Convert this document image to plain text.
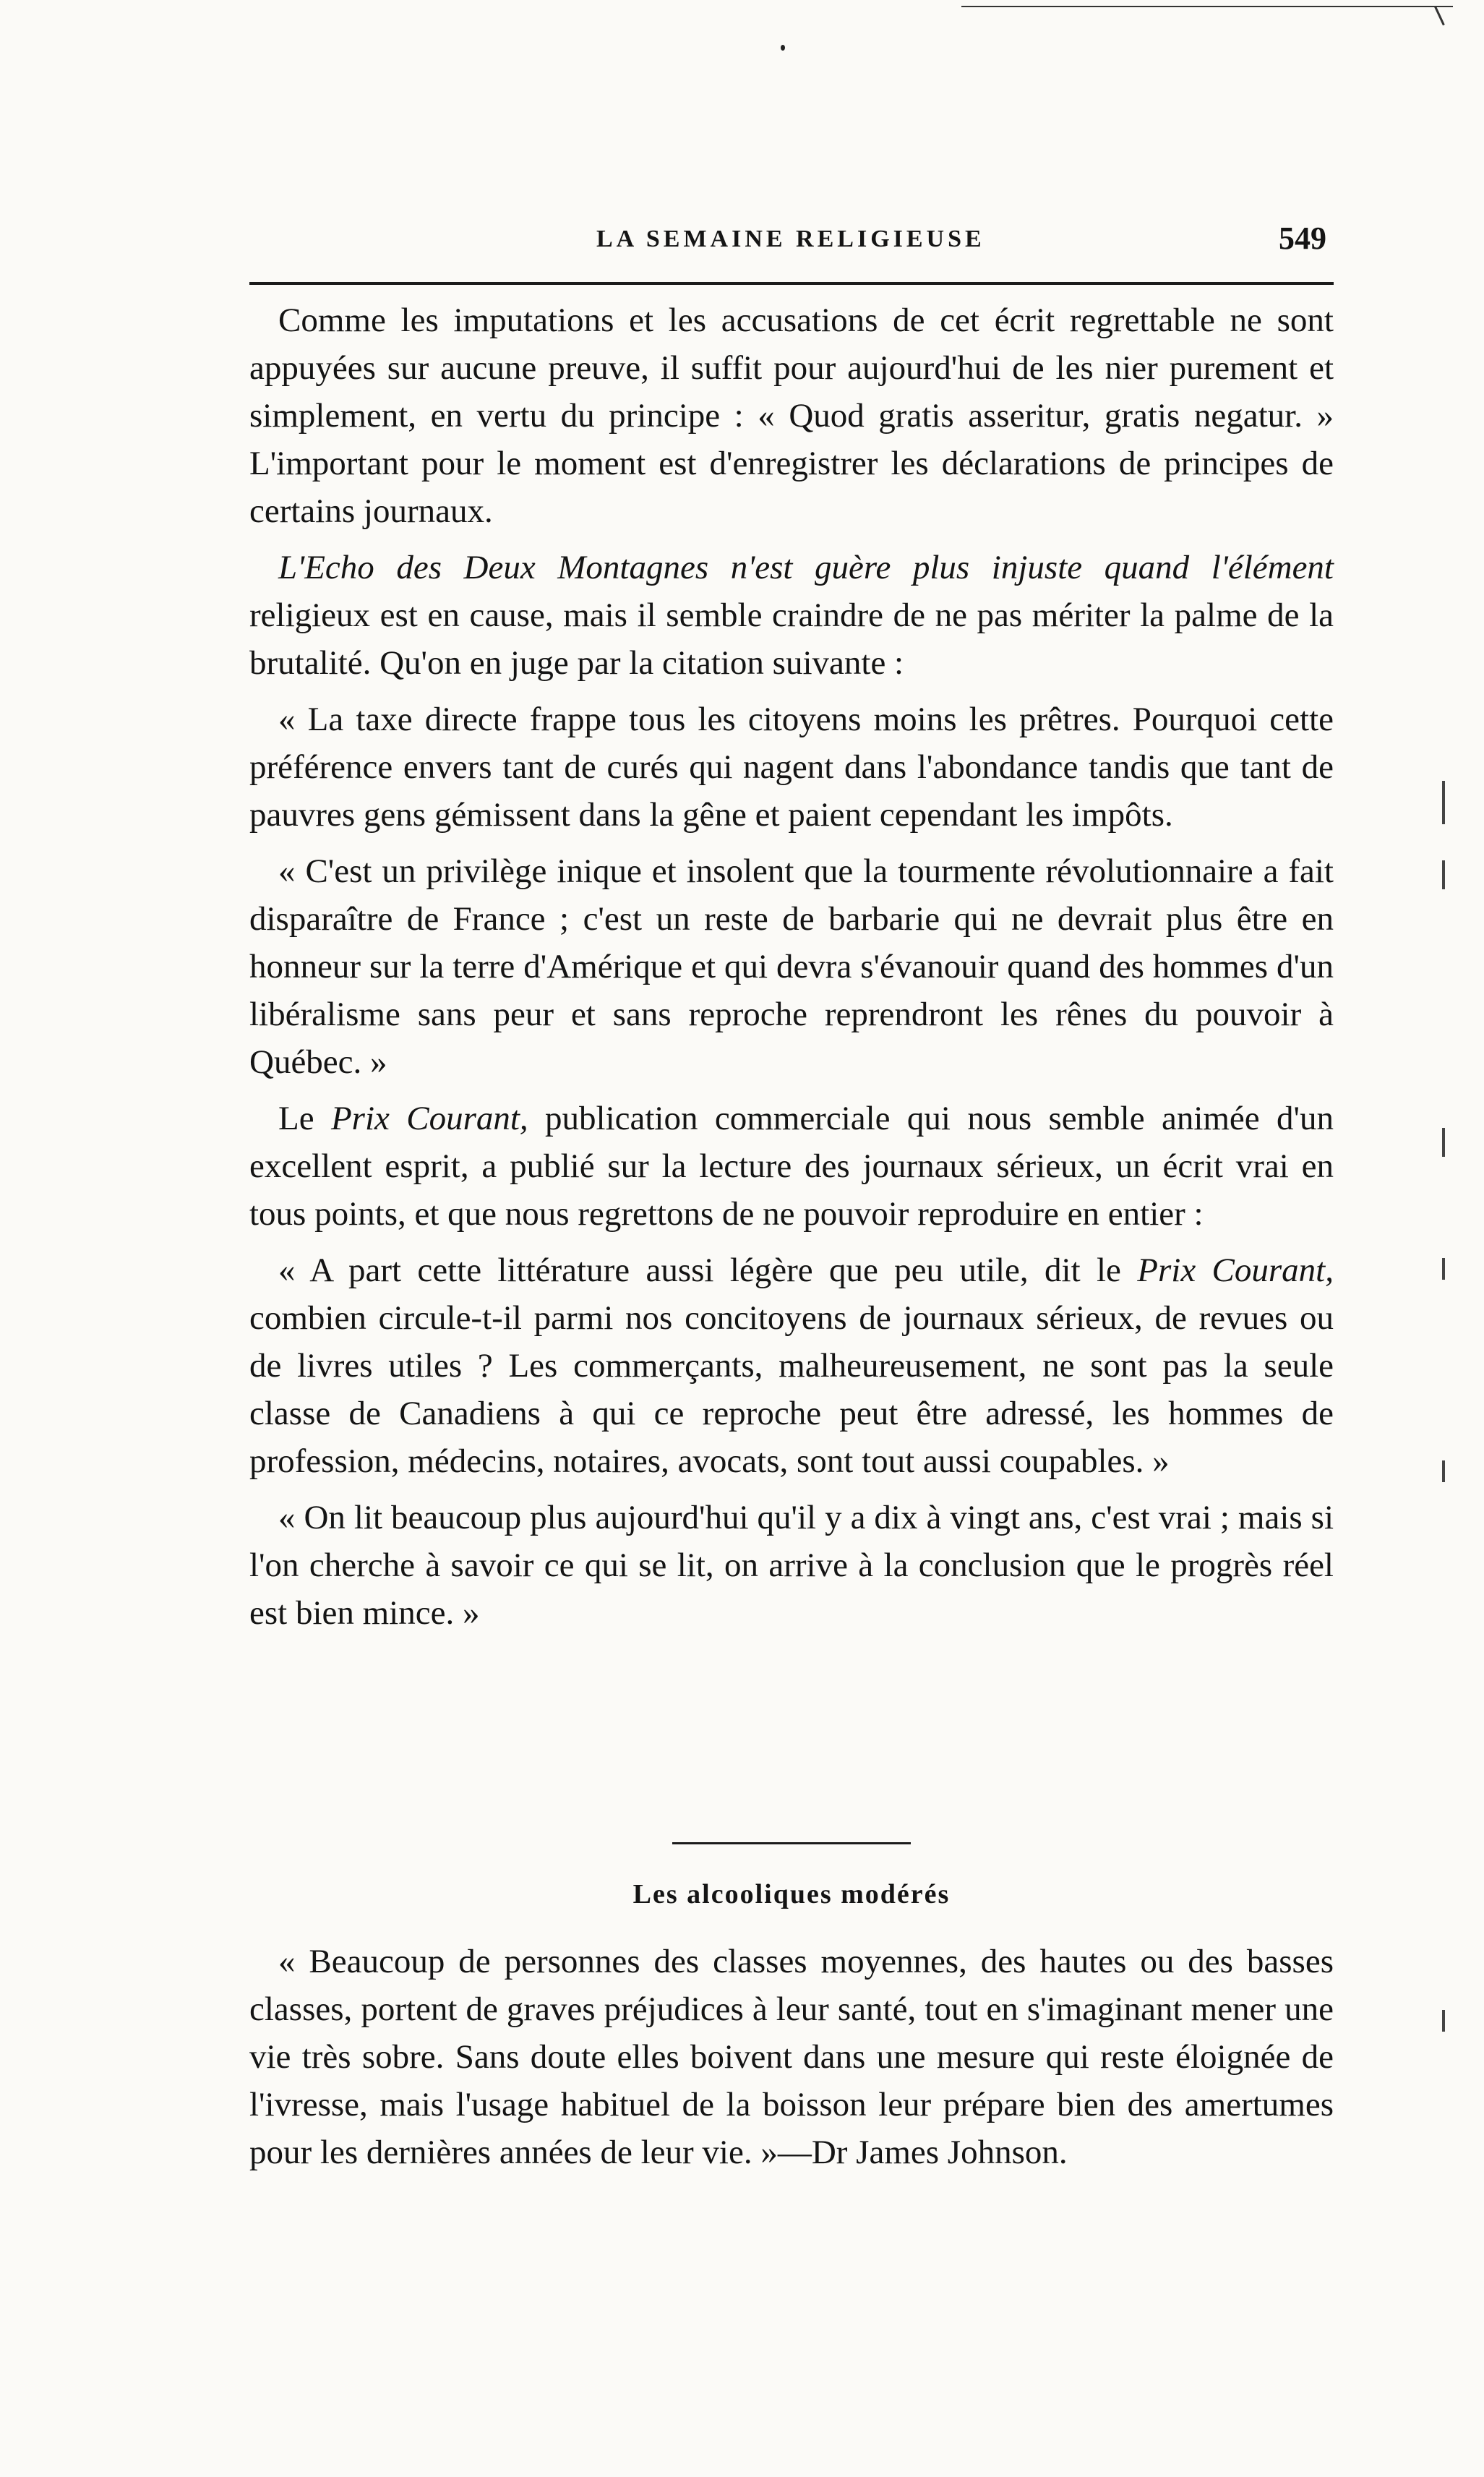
LA SEMAINE RELIGIEUSE	549

Comme les imputations et les accusations de cet écrit regrettable ne sont appuyées sur aucune preuve, il suffit pour aujourd'hui de les nier purement et simplement, en vertu du principe : « Quod gratis asseritur, gratis negatur. » L'important pour le moment est d'enregistrer les déclarations de principes de certains journaux.

L'Echo des Deux Montagnes n'est guère plus injuste quand l'élément religieux est en cause, mais il semble craindre de ne pas mériter la palme de la brutalité. Qu'on en juge par la citation suivante :

« La taxe directe frappe tous les citoyens moins les prêtres. Pourquoi cette préférence envers tant de curés qui nagent dans l'abondance tandis que tant de pauvres gens gémissent dans la gêne et paient cependant les impôts.

« C'est un privilège inique et insolent que la tourmente révolutionnaire a fait disparaître de France ; c'est un reste de barbarie qui ne devrait plus être en honneur sur la terre d'Amérique et qui devra s'évanouir quand des hommes d'un libéralisme sans peur et sans reproche reprendront les rênes du pouvoir à Québec. »

Le Prix Courant, publication commerciale qui nous semble animée d'un excellent esprit, a publié sur la lecture des journaux sérieux, un écrit vrai en tous points, et que nous regrettons de ne pouvoir reproduire en entier :

« A part cette littérature aussi légère que peu utile, dit le Prix Courant, combien circule-t-il parmi nos concitoyens de journaux sérieux, de revues ou de livres utiles ? Les commerçants, malheureusement, ne sont pas la seule classe de Canadiens à qui ce reproche peut être adressé, les hommes de profession, médecins, notaires, avocats, sont tout aussi coupables. »

« On lit beaucoup plus aujourd'hui qu'il y a dix à vingt ans, c'est vrai ; mais si l'on cherche à savoir ce qui se lit, on arrive à la conclusion que le progrès réel est bien mince. »

Les alcooliques modérés

« Beaucoup de personnes des classes moyennes, des hautes ou des basses classes, portent de graves préjudices à leur santé, tout en s'imaginant mener une vie très sobre. Sans doute elles boivent dans une mesure qui reste éloignée de l'ivresse, mais l'usage habituel de la boisson leur prépare bien des amertumes pour les dernières années de leur vie. »—Dr James Johnson.
